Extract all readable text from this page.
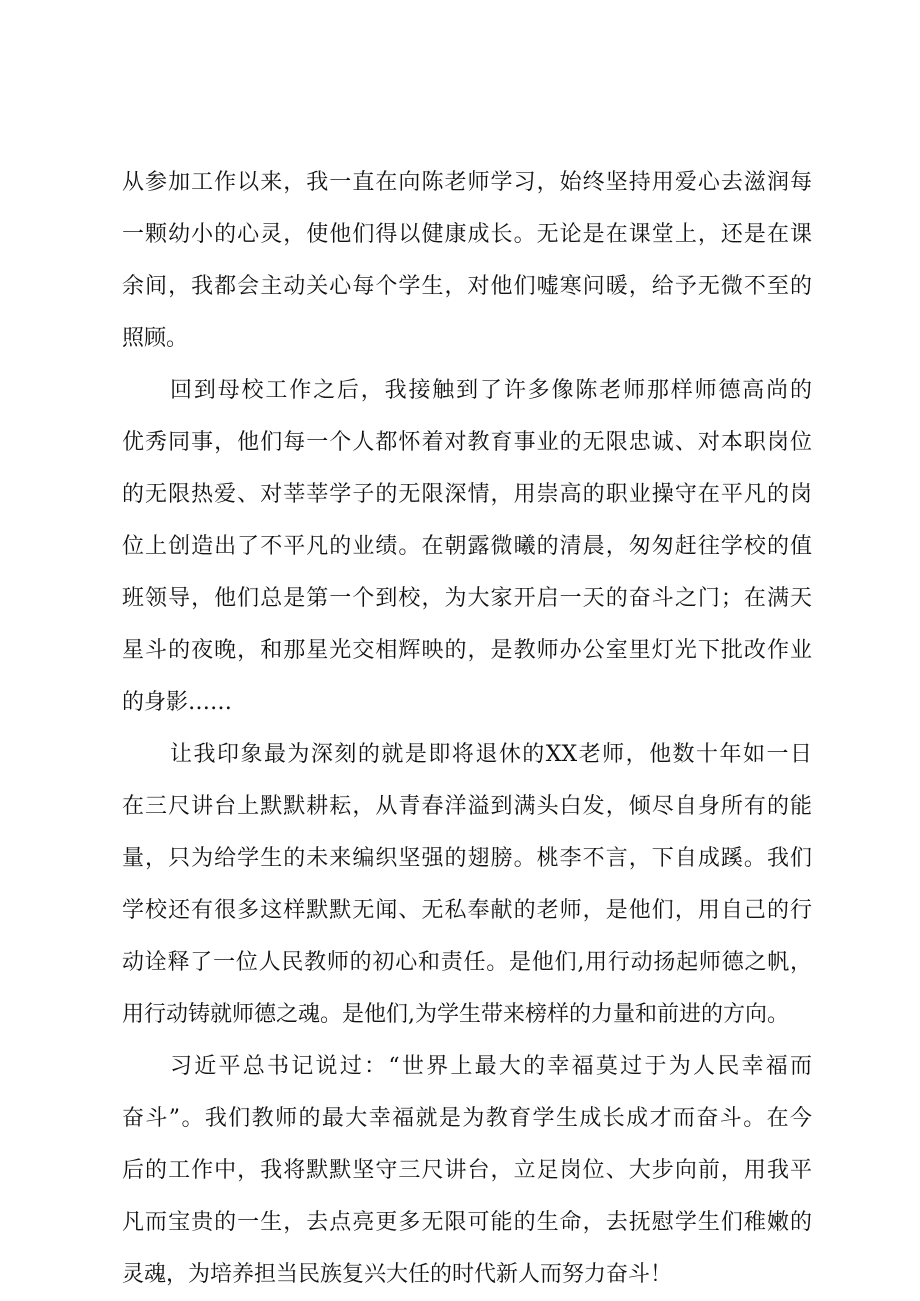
从参加工作以来，我一直在向陈老师学习，始终坚持用爱心去滋润每
一颗幼小的心灵，使他们得以健康成长。无论是在课堂上，还是在课
余间，我都会主动关心每个学生，对他们嘘寒问暖，给予无微不至的
照顾。
回到母校工作之后，我接触到了许多像陈老师那样师德高尚的
优秀同事，他们每一个人都怀着对教育事业的无限忠诚、对本职岗位
的无限热爱、对莘莘学子的无限深情，用崇高的职业操守在平凡的岗
位上创造出了不平凡的业绩。在朝露微曦的清晨，匆匆赶往学校的值
班领导，他们总是第一个到校，为大家开启一天的奋斗之门；在满天
星斗的夜晚，和那星光交相辉映的，是教师办公室里灯光下批改作业
的身影……
让我印象最为深刻的就是即将退休的XX老师，他数十年如一日
在三尺讲台上默默耕耘，从青春洋溢到满头白发，倾尽自身所有的能
量，只为给学生的未来编织坚强的翅膀。桃李不言，下自成蹊。我们
学校还有很多这样默默无闻、无私奉献的老师，是他们，用自己的行
动诠释了一位人民教师的初心和责任。是他们,用行动扬起师德之帆，
用行动铸就师德之魂。是他们,为学生带来榜样的力量和前进的方向。
习近平总书记说过：“世界上最大的幸福莫过于为人民幸福而
奋斗”。我们教师的最大幸福就是为教育学生成长成才而奋斗。在今
后的工作中，我将默默坚守三尺讲台，立足岗位、大步向前，用我平
凡而宝贵的一生，去点亮更多无限可能的生命，去抚慰学生们稚嫩的
灵魂，为培养担当民族复兴大任的时代新人而努力奋斗！
